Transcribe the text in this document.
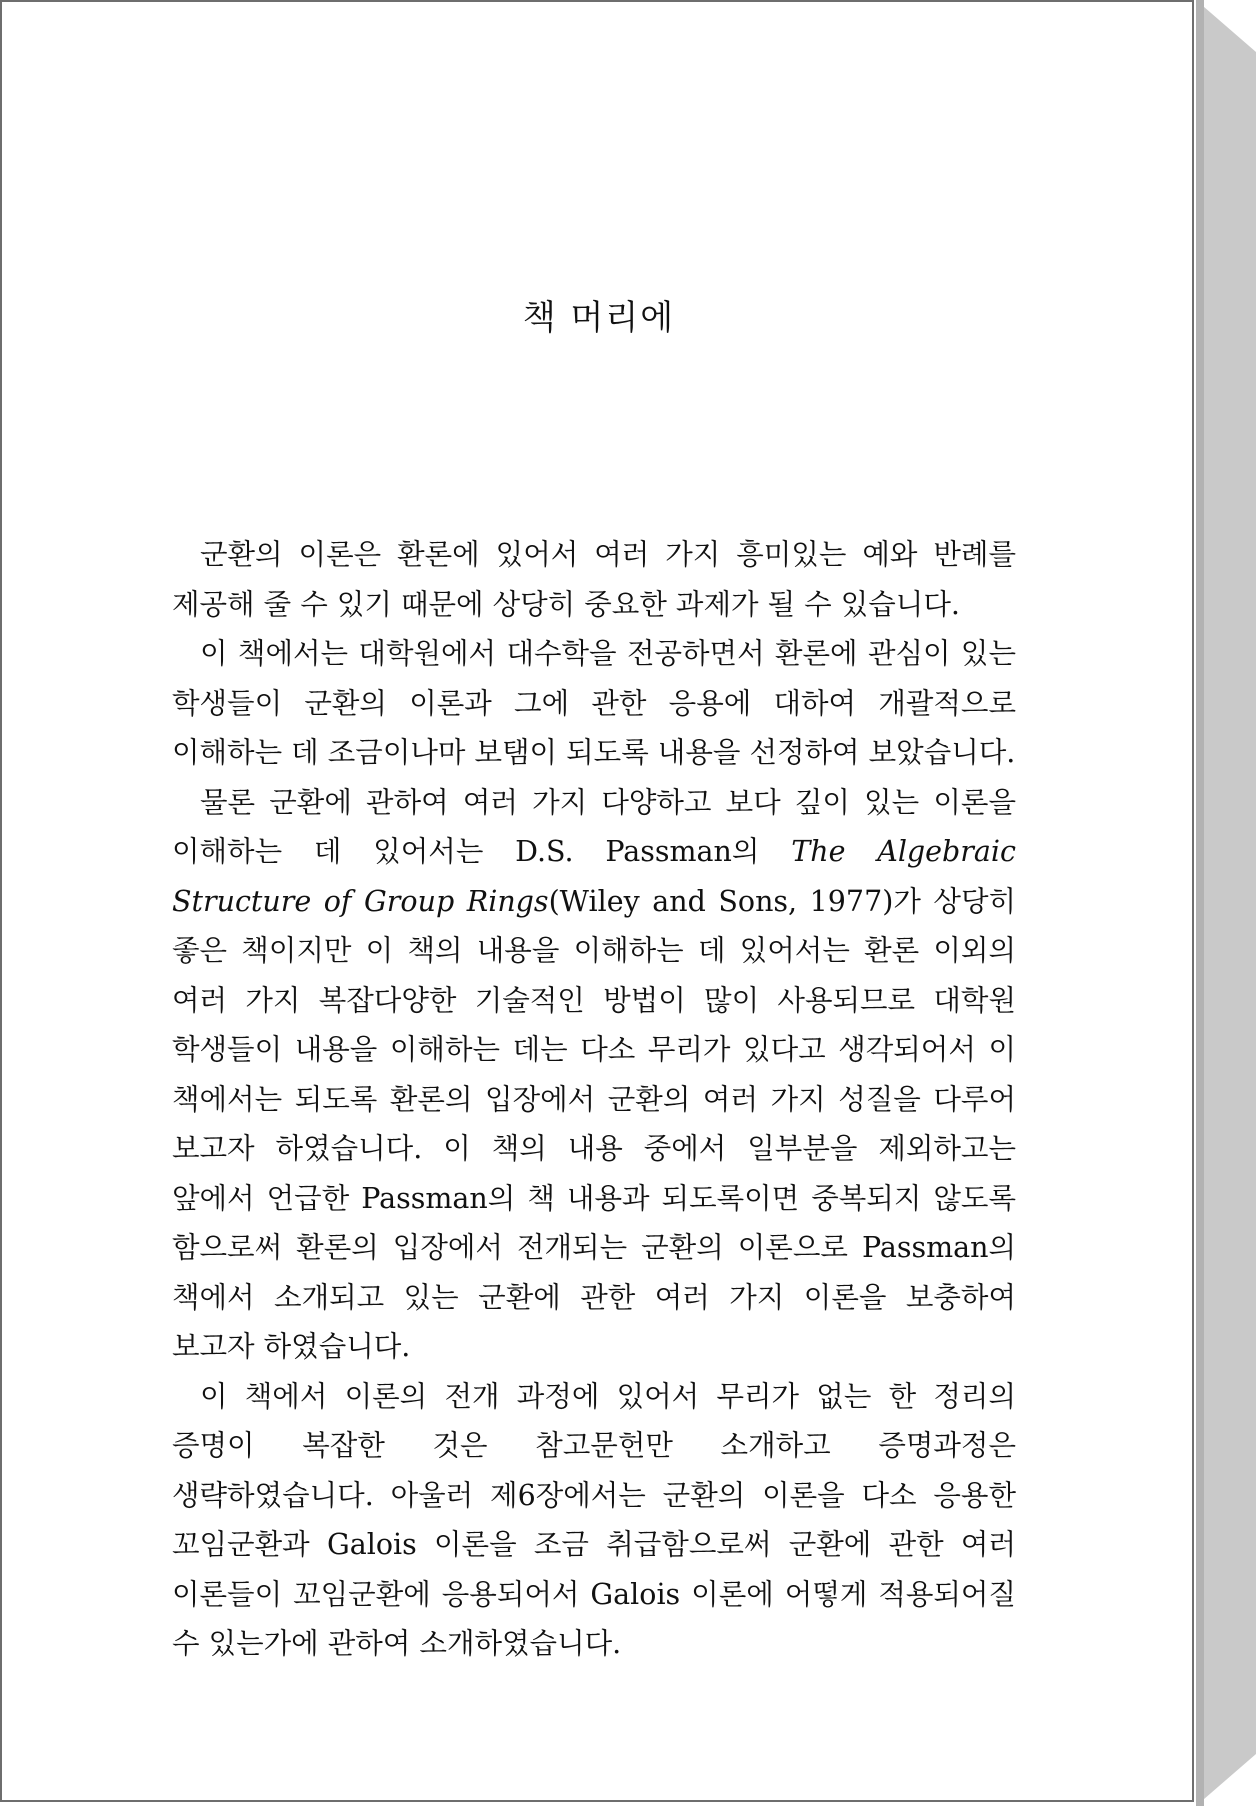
책 머리에

군환의 이론은 환론에 있어서 여러 가지 흥미있는 예와 반례를 제공해 줄 수 있기 때문에 상당히 중요한 과제가 될 수 있습니다.

이 책에서는 대학원에서 대수학을 전공하면서 환론에 관심이 있는 학생들이 군환의 이론과 그에 관한 응용에 대하여 개괄적으로 이해하는 데 조금이나마 보탬이 되도록 내용을 선정하여 보았습니다.

물론 군환에 관하여 여러 가지 다양하고 보다 깊이 있는 이론을 이해하는 데 있어서는 D.S. Passman의 The Algebraic Structure of Group Rings(Wiley and Sons, 1977)가 상당히 좋은 책이지만 이 책의 내용을 이해하는 데 있어서는 환론 이외의 여러 가지 복잡다양한 기술적인 방법이 많이 사용되므로 대학원 학생들이 내용을 이해하는 데는 다소 무리가 있다고 생각되어서 이 책에서는 되도록 환론의 입장에서 군환의 여러 가지 성질을 다루어 보고자 하였습니다. 이 책의 내용 중에서 일부분을 제외하고는 앞에서 언급한 Passman의 책 내용과 되도록이면 중복되지 않도록 함으로써 환론의 입장에서 전개되는 군환의 이론으로 Passman의 책에서 소개되고 있는 군환에 관한 여러 가지 이론을 보충하여 보고자 하였습니다.

이 책에서 이론의 전개 과정에 있어서 무리가 없는 한 정리의 증명이 복잡한 것은 참고문헌만 소개하고 증명과정은 생략하였습니다. 아울러 제6장에서는 군환의 이론을 다소 응용한 꼬임군환과 Galois 이론을 조금 취급함으로써 군환에 관한 여러 이론들이 꼬임군환에 응용되어서 Galois 이론에 어떻게 적용되어질 수 있는가에 관하여 소개하였습니다.
